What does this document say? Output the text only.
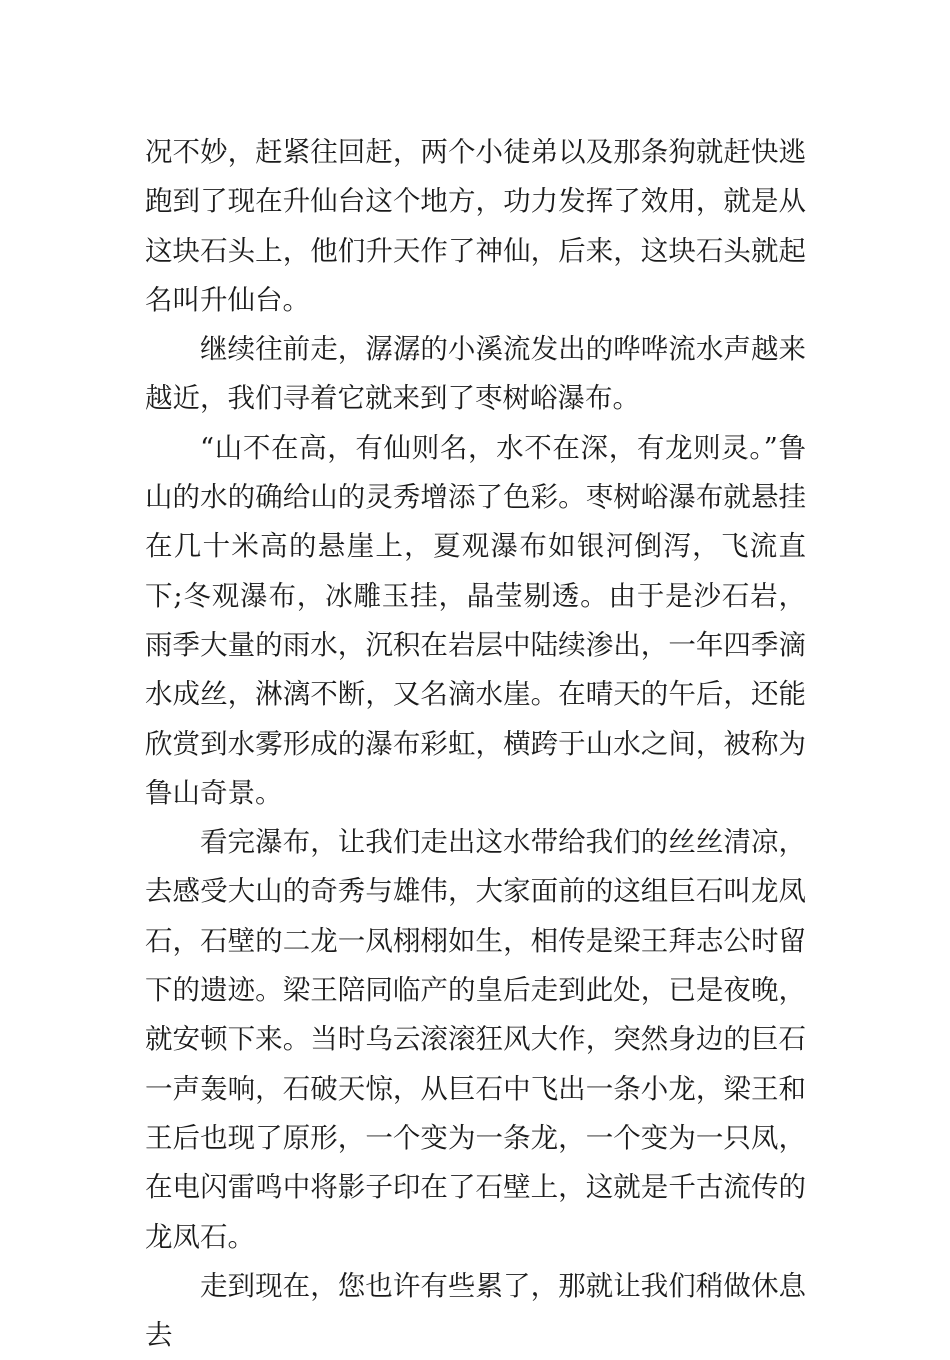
况不妙，赶紧往回赶，两个小徒弟以及那条狗就赶快逃跑到了现在升仙台这个地方，功力发挥了效用，就是从这块石头上，他们升天作了神仙，后来，这块石头就起名叫升仙台。

继续往前走，潺潺的小溪流发出的哗哗流水声越来越近，我们寻着它就来到了枣树峪瀑布。

“山不在高，有仙则名，水不在深，有龙则灵。”鲁山的水的确给山的灵秀增添了色彩。枣树峪瀑布就悬挂在几十米高的悬崖上，夏观瀑布如银河倒泻，飞流直下;冬观瀑布，冰雕玉挂，晶莹剔透。由于是沙石岩，雨季大量的雨水，沉积在岩层中陆续渗出，一年四季滴水成丝，淋漓不断，又名滴水崖。在晴天的午后，还能欣赏到水雾形成的瀑布彩虹，横跨于山水之间，被称为鲁山奇景。

看完瀑布，让我们走出这水带给我们的丝丝清凉，去感受大山的奇秀与雄伟，大家面前的这组巨石叫龙凤石，石壁的二龙一凤栩栩如生，相传是梁王拜志公时留下的遗迹。梁王陪同临产的皇后走到此处，已是夜晚，就安顿下来。当时乌云滚滚狂风大作，突然身边的巨石一声轰响，石破天惊，从巨石中飞出一条小龙，梁王和王后也现了原形，一个变为一条龙，一个变为一只凤，在电闪雷鸣中将影子印在了石壁上，这就是千古流传的龙凤石。

走到现在，您也许有些累了，那就让我们稍做休息去
